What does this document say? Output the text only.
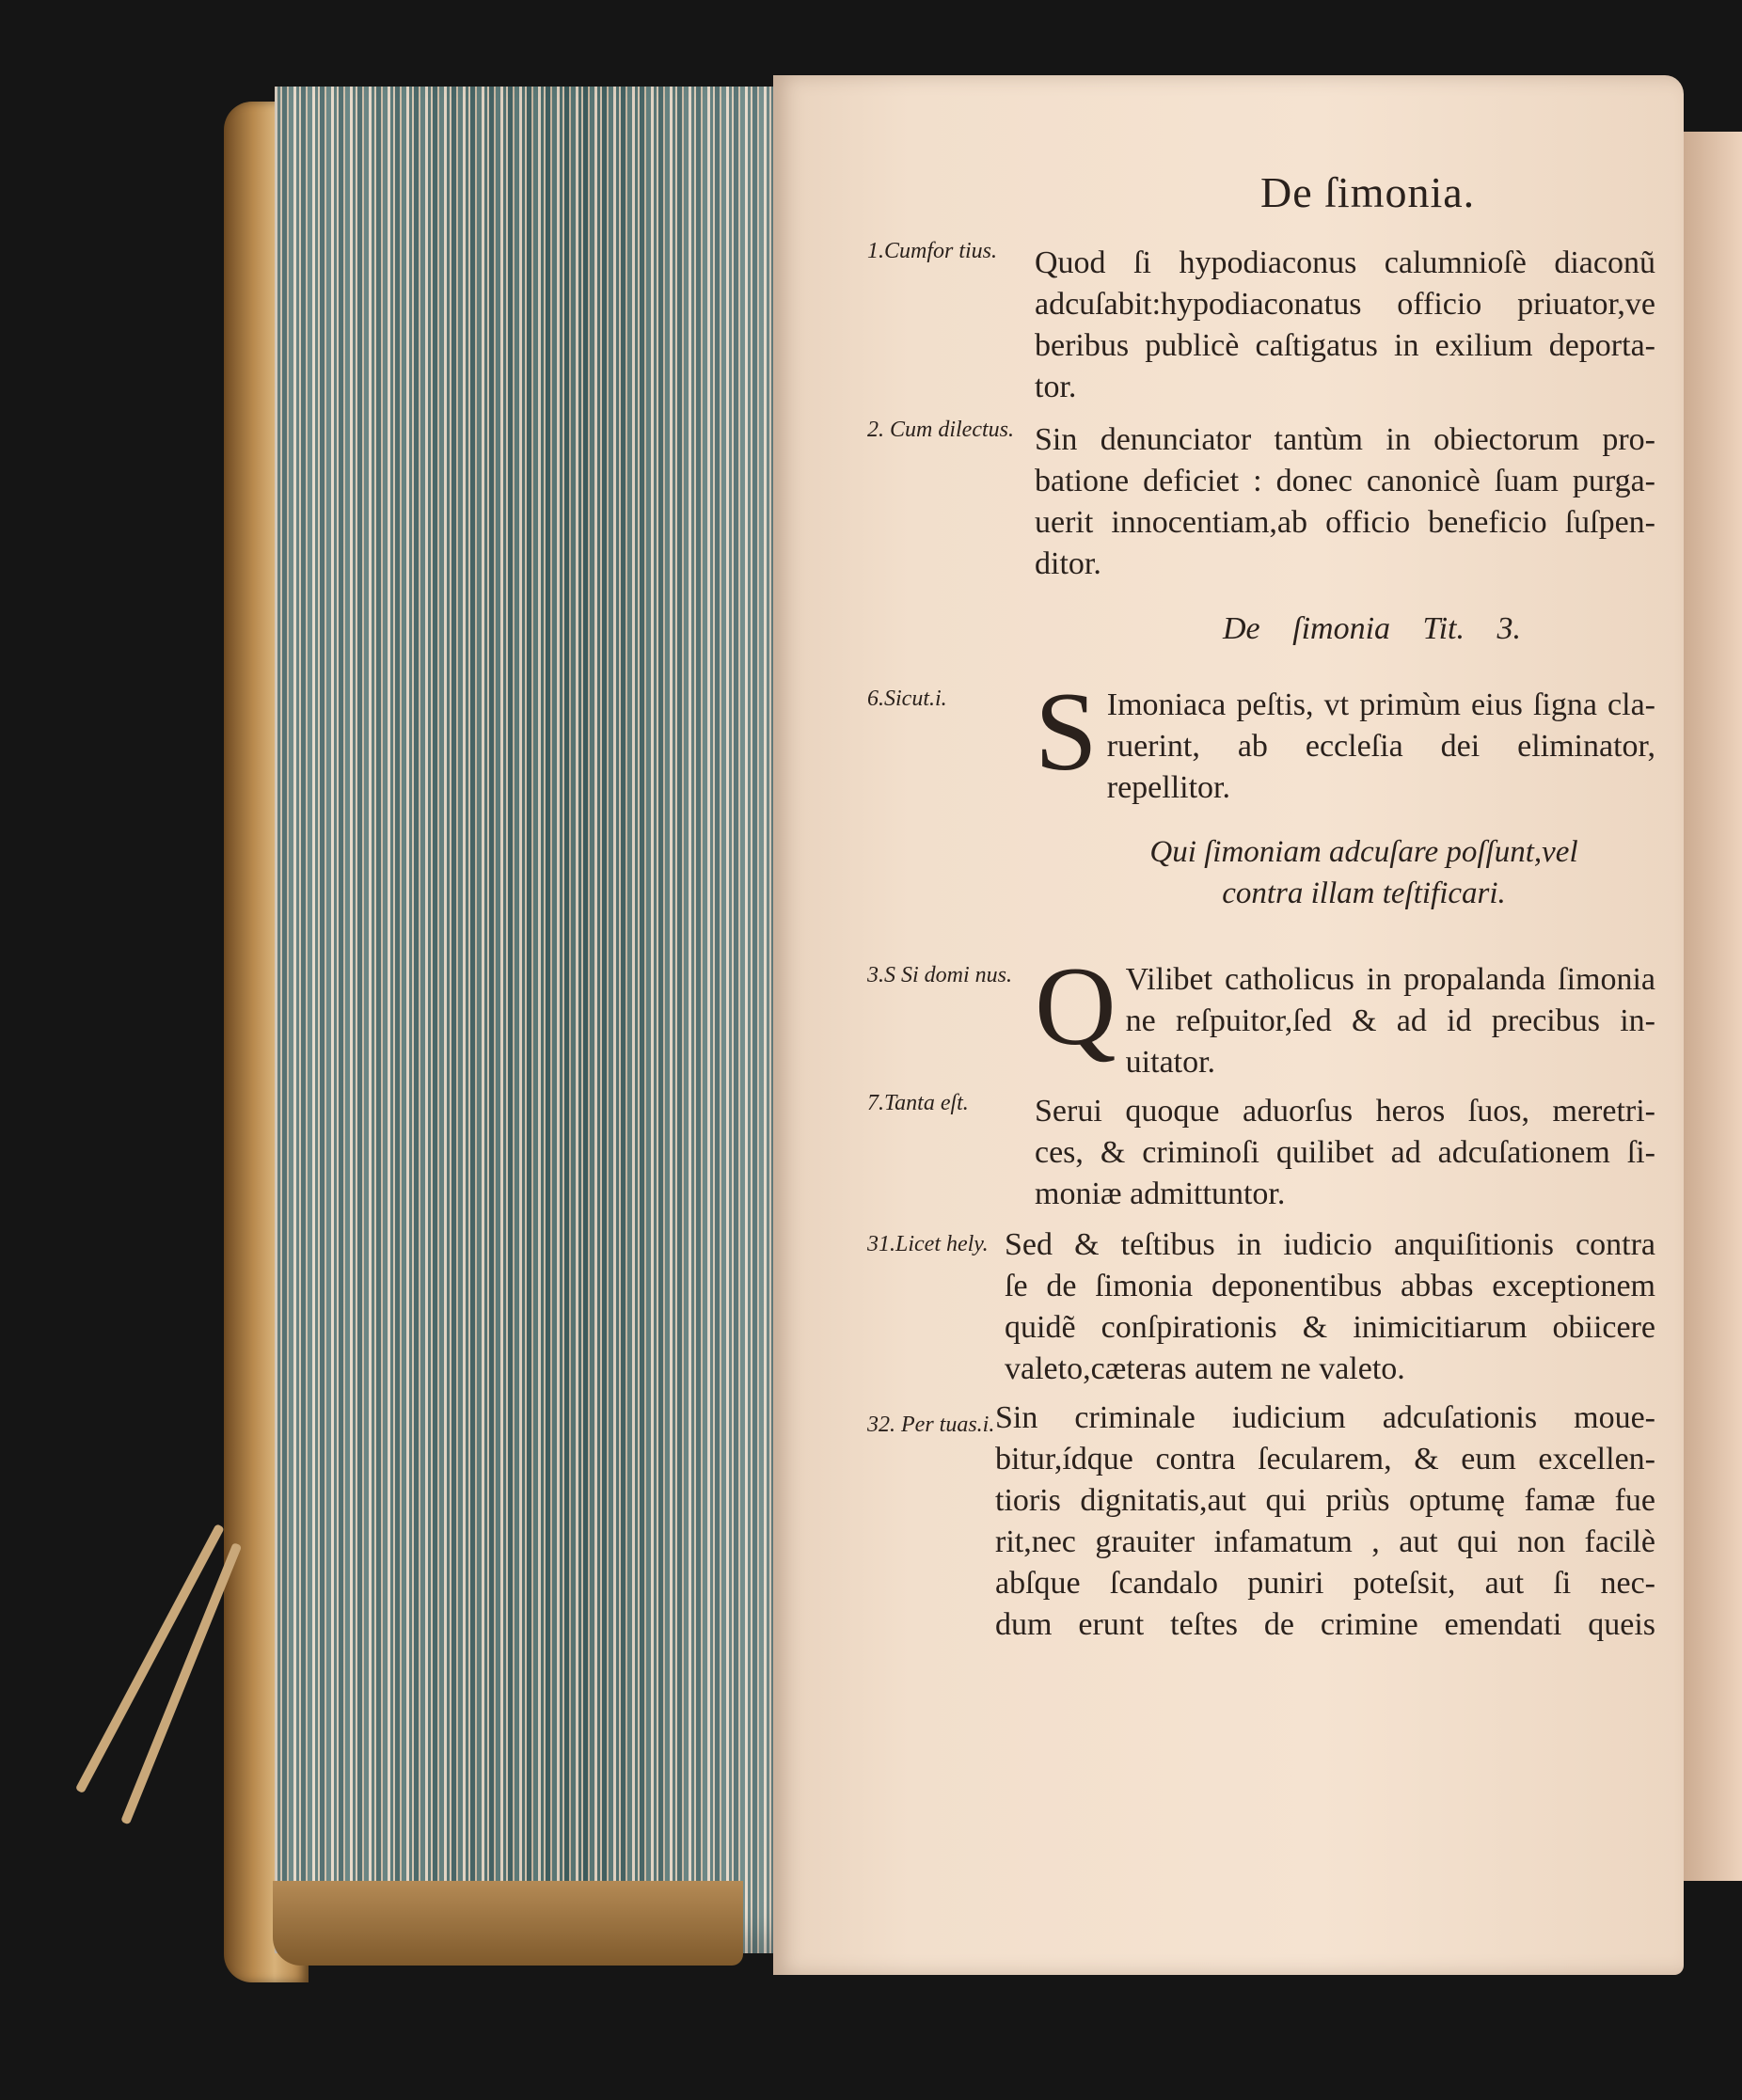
De ſimonia.
1.Cumfor tius.
2. Cum dilectus.
6.Sicut.i.
3.S Si domi nus.
7.Tanta eſt.
31.Licet hely.
32. Per tuas.i.
Quod ſi hypodiaconus calumnioſè diaconũ
adcuſabit:hypodiaconatus officio priuator,ve
beribus publicè caſtigatus in exilium deporta-
tor.
Sin denunciator tantùm in obiectorum pro-
batione deficiet : donec canonicè ſuam purga-
uerit innocentiam,ab officio beneficio ſuſpen-
ditor.
De ſimonia Tit. 3.
S Imoniaca peſtis, vt primùm eius ſigna cla-
ruerint, ab eccleſia dei eliminator, repellitor.
Qui ſimoniam adcuſare poſſunt,vel
contra illam teſtificari.
Q Vilibet catholicus in propalanda ſimonia
ne reſpuitor,ſed & ad id precibus in-
uitator.
Serui quoque aduorſus heros ſuos, meretri-
ces, & criminoſi quilibet ad adcuſationem ſi-
moniæ admittuntor.
Sed & teſtibus in iudicio anquiſitionis contra
ſe de ſimonia deponentibus abbas exceptionem
quidẽ conſpirationis & inimicitiarum obiicere
valeto,cæteras autem ne valeto.
Sin criminale iudicium adcuſationis moue-
bitur,ídque contra ſecularem, & eum excellen-
tioris dignitatis,aut qui priùs optumę famæ fue
rit,nec grauiter infamatum , aut qui non facilè
abſque ſcandalo puniri poteſsit, aut ſi nec-
dum erunt teſtes de crimine emendati queis
